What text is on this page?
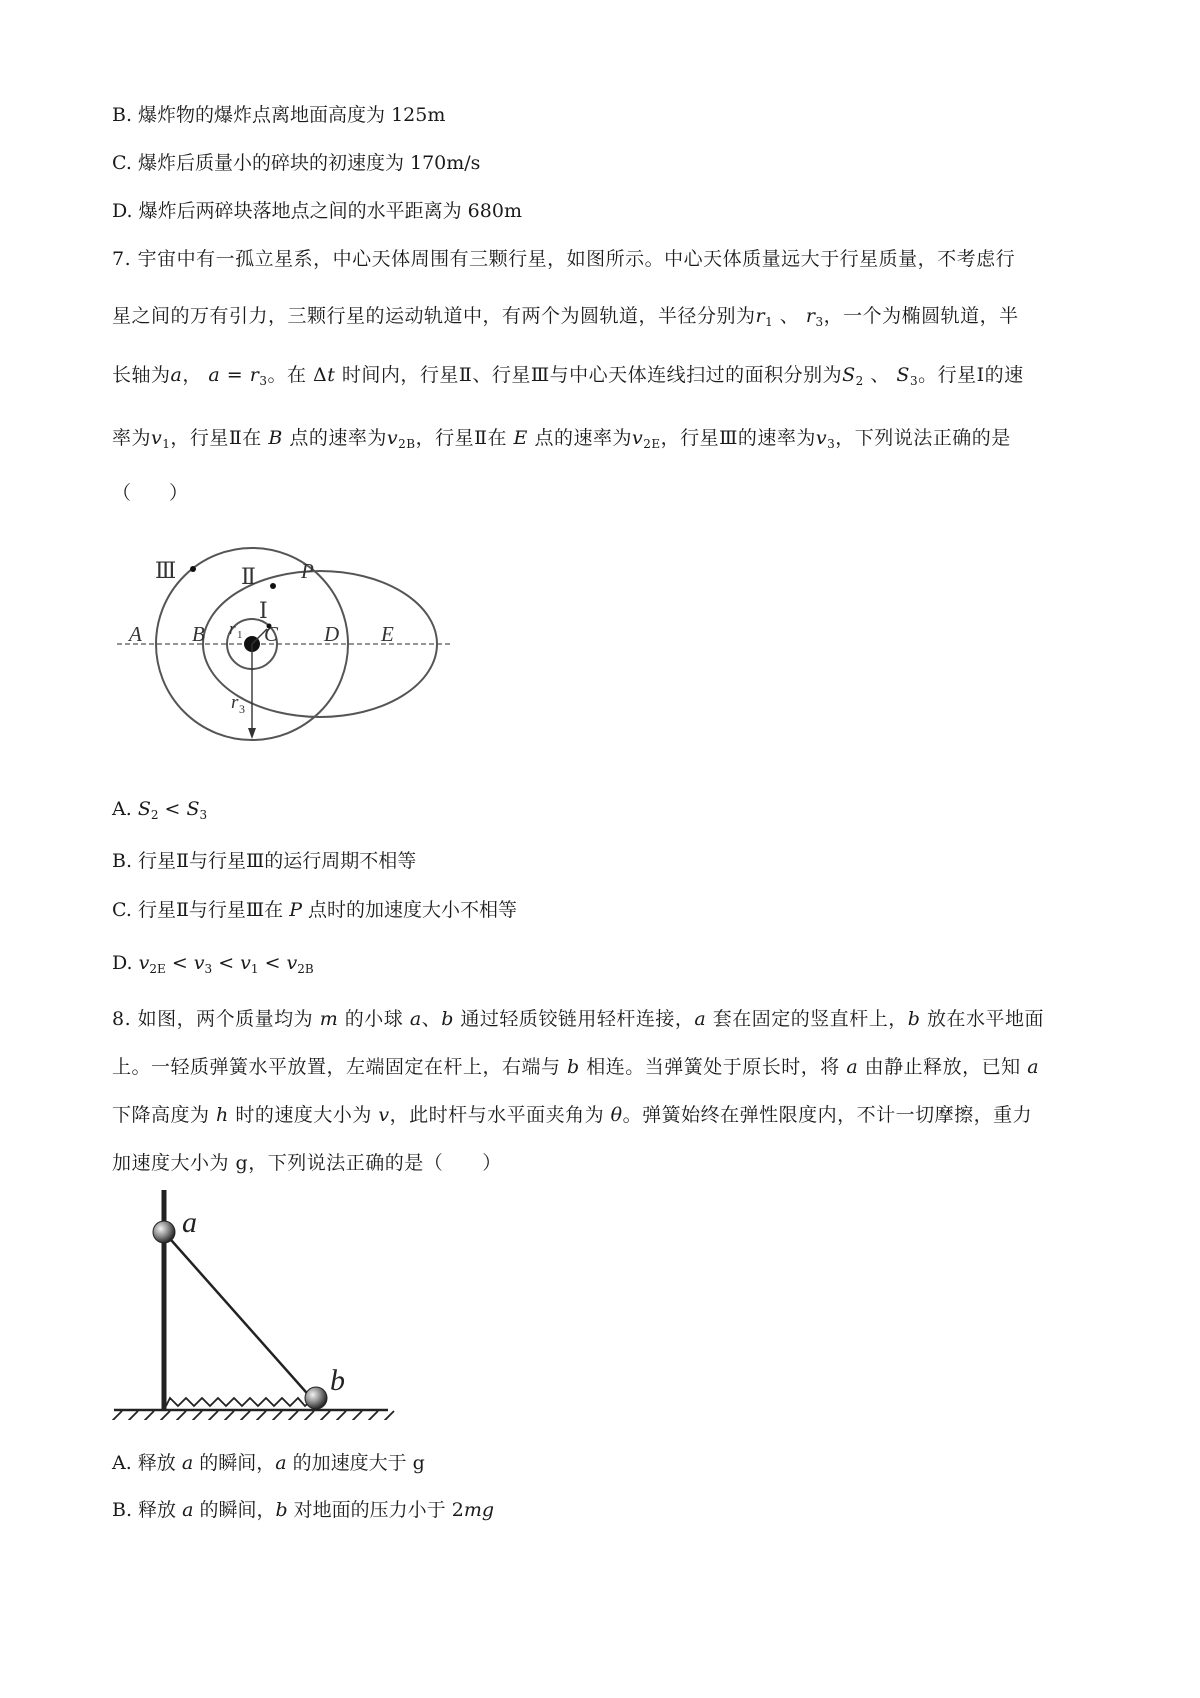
B. 爆炸物的爆炸点离地面高度为 125m
C. 爆炸后质量小的碎块的初速度为 170m/s
D. 爆炸后两碎块落地点之间的水平距离为 680m
7. 宇宙中有一孤立星系，中心天体周围有三颗行星，如图所示。中心天体质量远大于行星质量，不考虑行
星之间的万有引力，三颗行星的运动轨道中，有两个为圆轨道，半径分别为$r_1$ 、 $r_3$，一个为椭圆轨道，半
长轴为a， $a = r_3$。在 Δt 时间内，行星Ⅱ、行星Ⅲ与中心天体连线扫过的面积分别为$S_2$ 、 $S_3$。行星Ⅰ的速
率为$v_1$，行星Ⅱ在 B 点的速率为$v_{2B}$，行星Ⅱ在 E 点的速率为$v_{2E}$，行星Ⅲ的速率为$v_3$，下列说法正确的是
（　　）
Ⅲ	Ⅱ
Ⅰ
P
A B	C D E
r 1
r 3
A. $S_2 < S_3$
B. 行星Ⅱ与行星Ⅲ的运行周期不相等
C. 行星Ⅱ与行星Ⅲ在 P 点时的加速度大小不相等
D. $v_{2E} < v_3 < v_1 < v_{2B}$
8. 如图，两个质量均为 m 的小球 a、b 通过轻质铰链用轻杆连接，a 套在固定的竖直杆上，b 放在水平地面
上。一轻质弹簧水平放置，左端固定在杆上，右端与 b 相连。当弹簧处于原长时，将 a 由静止释放，已知 a
下降高度为 h 时的速度大小为 v，此时杆与水平面夹角为 θ。弹簧始终在弹性限度内，不计一切摩擦，重力
加速度大小为 g，下列说法正确的是（　　）
a
b
A. 释放 a 的瞬间，a 的加速度大于 g
B. 释放 a 的瞬间，b 对地面的压力小于 2mg
